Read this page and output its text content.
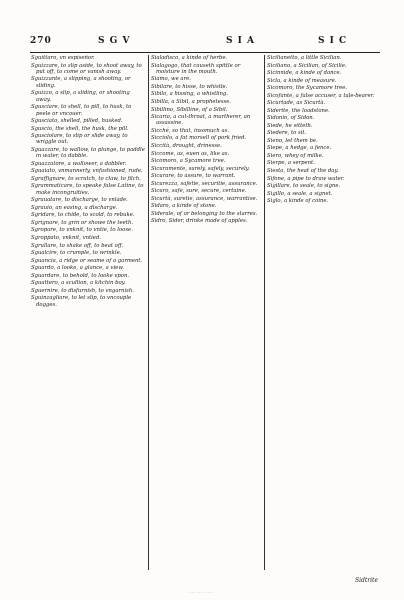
270	S G V	S I A	S I C
Sguittaro, vn espiseñor.
Sguizzare, to slip aside, to shoot away, to put off, to come or vanish away.
Sguizzante, a slipping, a shooting, or sliding.
Sguizzo, a slip, a sliding, or shooting away.
Sgusciare, to shell, to pill, to husk, to peele or vncouer.
Sgusciato, shelled, pilled, husked.
Sguscio, the shell, the husk, the pill.
Sgusciolare, to slip or slide away, to wriggle out.
Sguazzare, to wallow, to plunge, to paddle in water, to dabble.
Sguazzatore, a wallower, a dabbler.
Sguaiato, vnmannerly, vnfashioned, rude.
Sgraffignare, to scratch, to claw, to filch.
Sgrammaticare, to speake false Latine, to make incongruities.
Sgrauatare, to discharge, to vnlade.
Sgrauio, an easing, a discharge.
Sgridare, to chide, to scold, to rebuke.
Sgrignare, to grin or showe the teeth.
Sgropare, to vnknit, to vntie, to loose.
Sgroppato, vnknit, vntied.
Sgrullare, to shake off, to beat off.
Sgualcire, to crumple, to wrinkle.
Sguancia, a ridge or seame of a garment.
Sguardo, a looke, a glance, a view.
Sguardare, to behold, to looke vpon.
Sguattero, a scullion, a kitchin boy.
Sguernire, to disfurnish, to vngarnish.
Sguinzagliare, to let slip, to vncouple dogges.
Sialadisco, a kinde of herbe.
Sialagogo, that causeth spittle or moisture in the mouth.
Siamo, we are.
Sibilare, to hisse, to whistle.
Sibilo, a hissing, a whistling.
Sibilla, a Sibil, a prophetesse.
Sibillino, Sibilline, of a Sibil.
Sicario, a cut-throat, a murtherer, an assassine.
Sicché, so that, insomuch as.
Sicciolo, a fat morsell of pork fried.
Siccità, drought, drinesse.
Siccome, as, euen as, like as.
Sicomoro, a Sycamore tree.
Sicuramente, surely, safely, securely.
Sicurare, to assure, to warrant.
Sicurezza, safetie, securitie, assurance.
Sicuro, safe, sure, secure, certaine.
Sicurtà, suretie, assurance, warrantise.
Sidaro, a kinde of stone.
Siderale, of or belonging to the starres.
Sidro, Sider, drinke made of apples.
Sicilianetto, a little Sicilian.
Siciliano, a Sicilian, of Sicilie.
Sicinnide, a kinde of dance.
Sicla, a kinde of measure.
Sicomoro, the Sycamore tree.
Sicofante, a false accuser, a tale-bearer.
Sicurtade, as Sicurtà.
Siderite, the loadstone.
Sidonio, of Sidon.
Siede, he sitteth.
Siedere, to sit.
Sieno, let them be.
Siepe, a hedge, a fence.
Siero, whey of milke.
Sierpe, a serpent.
Siesta, the heat of the day.
Sifone, a pipe to draw water.
Sigillare, to seale, to signe.
Sigillo, a seale, a signet.
Siglo, a kinde of coine.
Sidtrite
............
